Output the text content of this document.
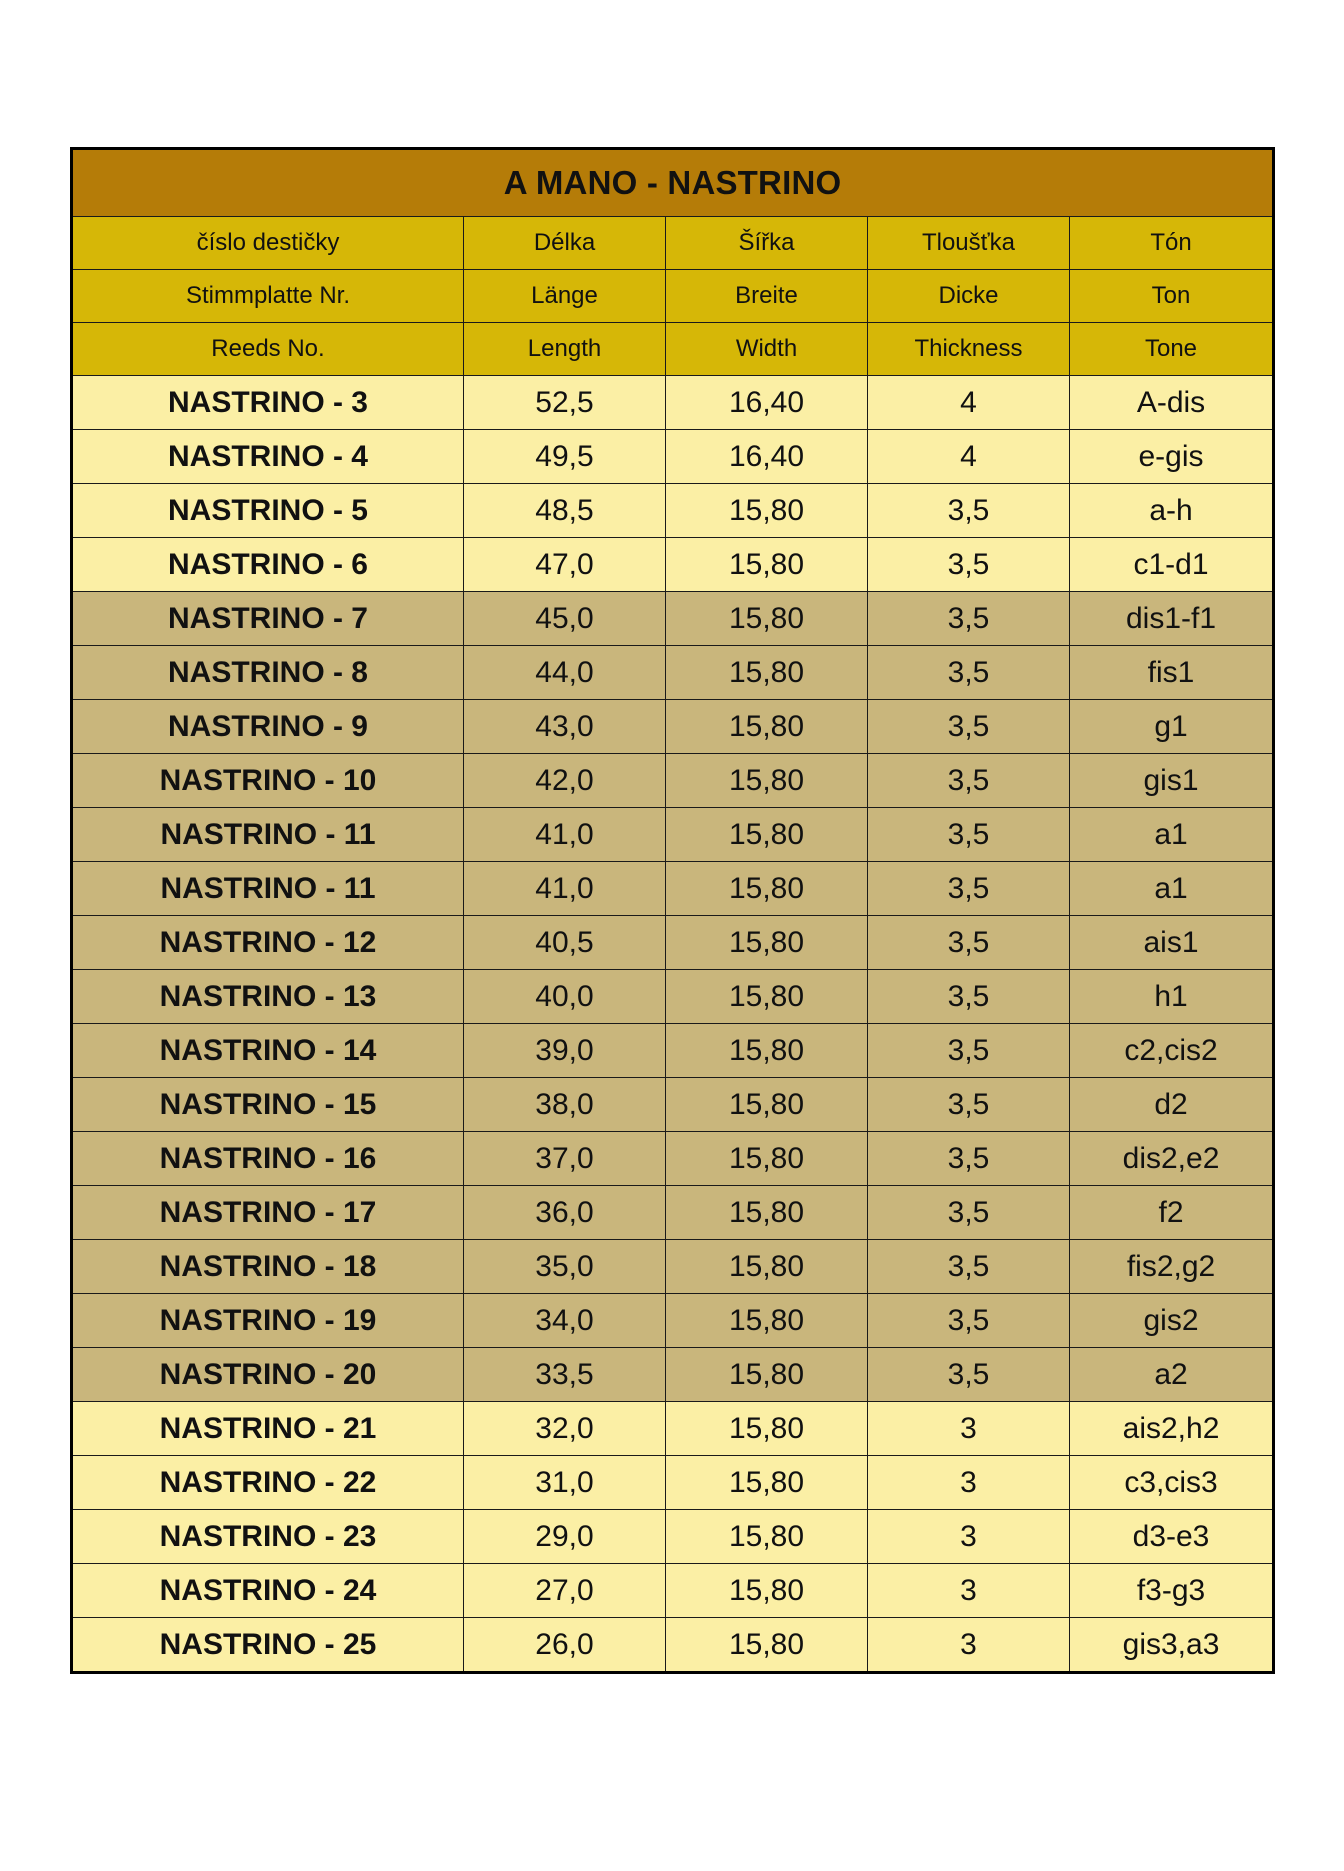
A MANO - NASTRINO				
číslo destičky	Délka	Šířka	Tloušťka	Tón
Stimmplatte Nr.	Länge	Breite	Dicke	Ton
Reeds No.	Length	Width	Thickness	Tone
NASTRINO - 3	52,5	16,40	4	A-dis
NASTRINO - 4	49,5	16,40	4	e-gis
NASTRINO - 5	48,5	15,80	3,5	a-h
NASTRINO - 6	47,0	15,80	3,5	c1-d1
NASTRINO - 7	45,0	15,80	3,5	dis1-f1
NASTRINO - 8	44,0	15,80	3,5	fis1
NASTRINO - 9	43,0	15,80	3,5	g1
NASTRINO - 10	42,0	15,80	3,5	gis1
NASTRINO - 11	41,0	15,80	3,5	a1
NASTRINO - 11	41,0	15,80	3,5	a1
NASTRINO - 12	40,5	15,80	3,5	ais1
NASTRINO - 13	40,0	15,80	3,5	h1
NASTRINO - 14	39,0	15,80	3,5	c2,cis2
NASTRINO - 15	38,0	15,80	3,5	d2
NASTRINO - 16	37,0	15,80	3,5	dis2,e2
NASTRINO - 17	36,0	15,80	3,5	f2
NASTRINO - 18	35,0	15,80	3,5	fis2,g2
NASTRINO - 19	34,0	15,80	3,5	gis2
NASTRINO - 20	33,5	15,80	3,5	a2
NASTRINO - 21	32,0	15,80	3	ais2,h2
NASTRINO - 22	31,0	15,80	3	c3,cis3
NASTRINO - 23	29,0	15,80	3	d3-e3
NASTRINO - 24	27,0	15,80	3	f3-g3
NASTRINO - 25	26,0	15,80	3	gis3,a3
